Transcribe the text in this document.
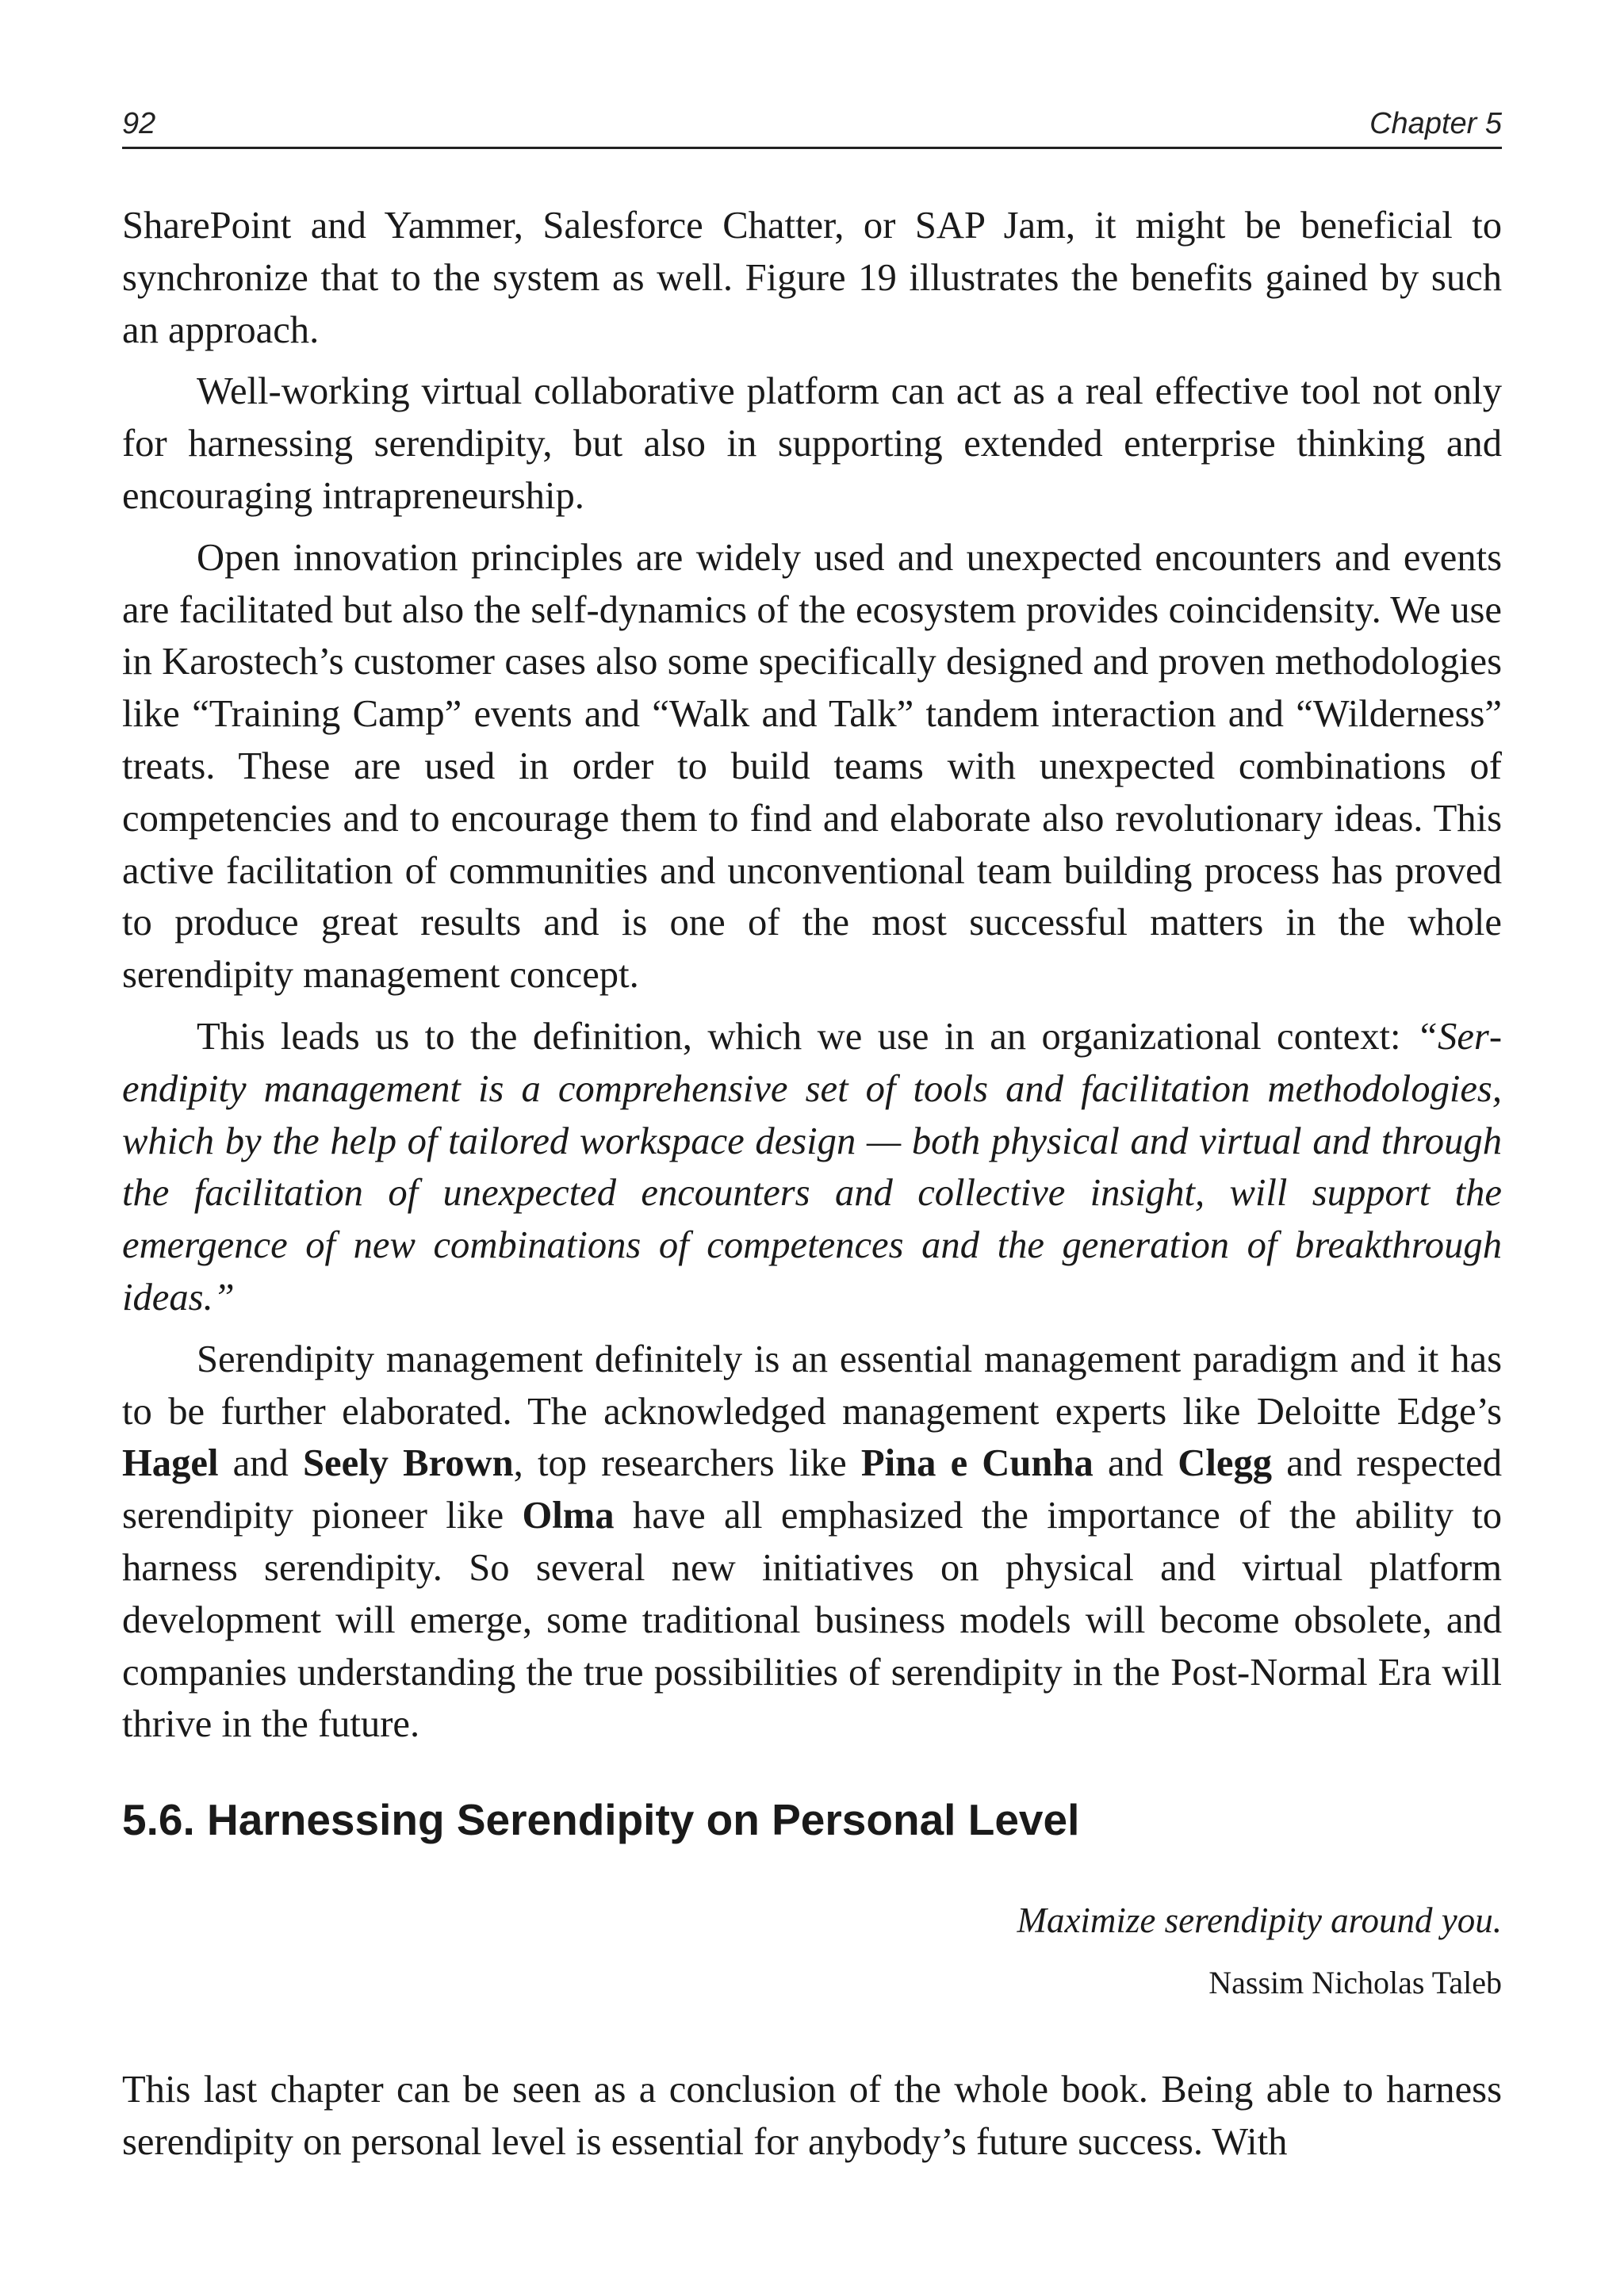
92	Chapter 5

SharePoint and Yammer, Salesforce Chatter, or SAP Jam, it might be beneficial to synchronize that to the system as well. Figure 19 illustrates the benefits gained by such an approach.

Well-working virtual collaborative platform can act as a real effective tool not only for harnessing serendipity, but also in supporting extended enterprise thinking and encouraging intrapreneurship.

Open innovation principles are widely used and unexpected encounters and events are facilitated but also the self-dynamics of the ecosystem provides coincidensity. We use in Karostech’s customer cases also some specifically designed and proven methodologies like “Training Camp” events and “Walk and Talk” tandem interaction and “Wilderness” treats. These are used in order to build teams with unexpected combinations of competencies and to encourage them to find and elaborate also revolutionary ideas. This active facilitation of communities and unconventional team building process has proved to produce great results and is one of the most successful matters in the whole serendipity management concept.

This leads us to the definition, which we use in an organizational context: “Serendipity management is a comprehensive set of tools and facilitation methodologies, which by the help of tailored workspace design — both physical and virtual and through the facilitation of unexpected encounters and collective insight, will support the emergence of new combinations of competences and the generation of breakthrough ideas.”

Serendipity management definitely is an essential management paradigm and it has to be further elaborated. The acknowledged management experts like Deloitte Edge’s Hagel and Seely Brown, top researchers like Pina e Cunha and Clegg and respected serendipity pioneer like Olma have all emphasized the importance of the ability to harness serendipity. So several new initiatives on physical and virtual platform development will emerge, some traditional business models will become obsolete, and companies understanding the true possibilities of serendipity in the Post-Normal Era will thrive in the future.

5.6. Harnessing Serendipity on Personal Level
Maximize serendipity around you.
Nassim Nicholas Taleb

This last chapter can be seen as a conclusion of the whole book. Being able to harness serendipity on personal level is essential for anybody’s future success. With
